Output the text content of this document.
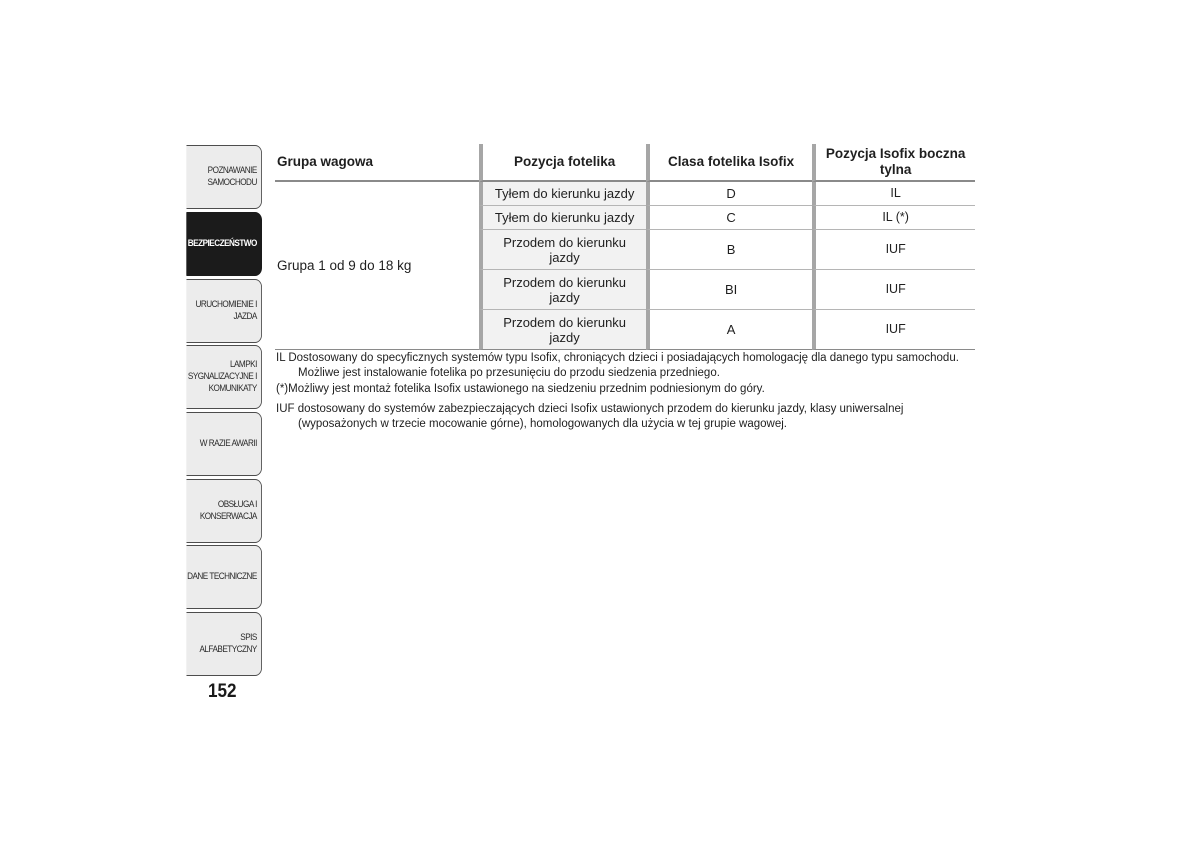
POZNAWANIE
SAMOCHODU
BEZPIECZEŃSTWO
URUCHOMIENIE I
JAZDA
LAMPKI
SYGNALIZACYJNE I
KOMUNIKATY
W RAZIE AWARII
OBSŁUGA I
KONSERWACJA
DANE TECHNICZNE
SPIS ALFABETYCZNY
152
Grupa wagowa	Pozycja fotelika	Clasa fotelika Isofix	Pozycja Isofix boczna tylna
Grupa 1 od 9 do 18 kg	Tyłem do kierunku jazdy	D	IL
	Tyłem do kierunku jazdy	C	IL (*)
	Przodem do kierunku jazdy	B	IUF
	Przodem do kierunku jazdy	BI	IUF
	Przodem do kierunku jazdy	A	IUF

IL Dostosowany do specyficznych systemów typu Isofix, chroniących dzieci i posiadających homologację dla danego typu samochodu. Możliwe jest instalowanie fotelika po przesunięciu do przodu siedzenia przedniego.

(*)Możliwy jest montaż fotelika Isofix ustawionego na siedzeniu przednim podniesionym do góry.

IUF dostosowany do systemów zabezpieczających dzieci Isofix ustawionych przodem do kierunku jazdy, klasy uniwersalnej (wyposażonych w trzecie mocowanie górne), homologowanych dla użycia w tej grupie wagowej.
